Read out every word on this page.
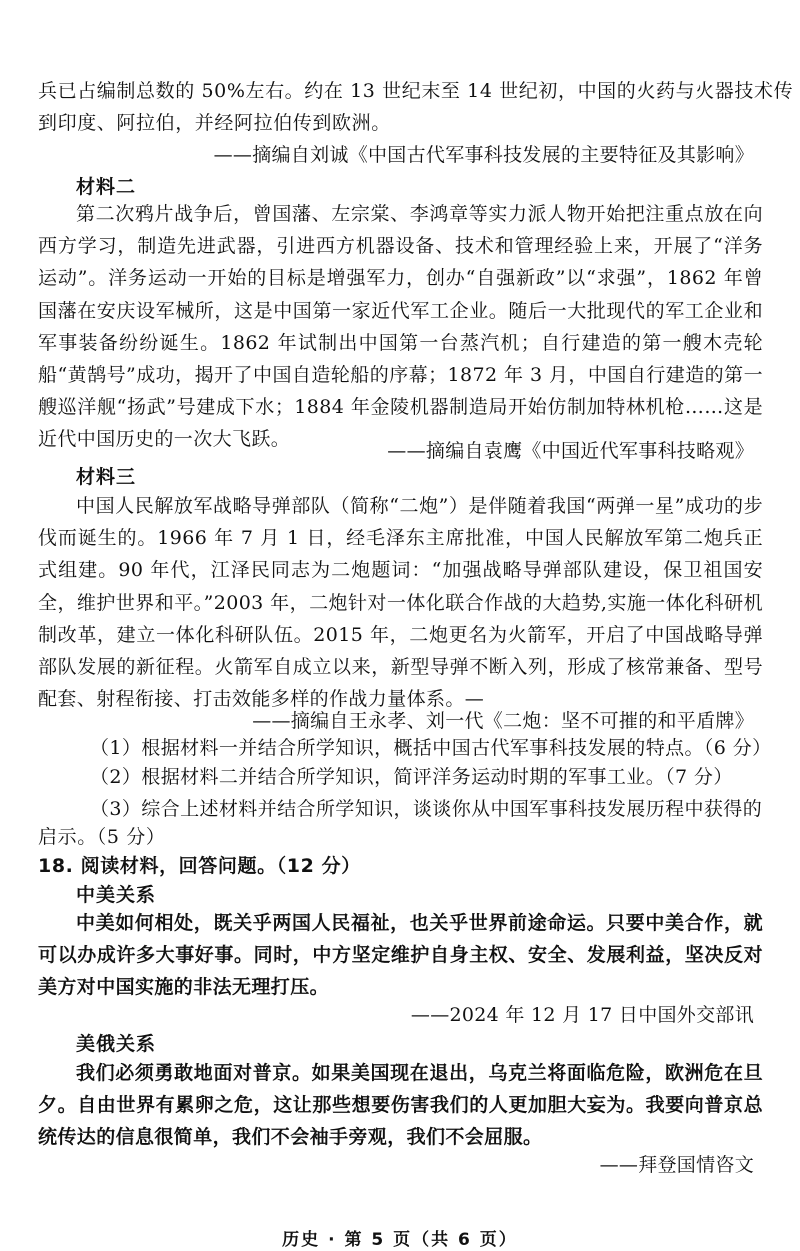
兵已占编制总数的 50%左右。约在 13 世纪末至 14 世纪初，中国的火药与火器技术传
到印度、阿拉伯，并经阿拉伯传到欧洲。
——摘编自刘诚《中国古代军事科技发展的主要特征及其影响》
材料二
第二次鸦片战争后，曾国藩、左宗棠、李鸿章等实力派人物开始把注重点放在向西方学习，制造先进武器，引进西方机器设备、技术和管理经验上来，开展了“洋务运动”。洋务运动一开始的目标是增强军力，创办“自强新政”以“求强”，1862 年曾国藩在安庆设军械所，这是中国第一家近代军工企业。随后一大批现代的军工企业和军事装备纷纷诞生。1862 年试制出中国第一台蒸汽机；自行建造的第一艘木壳轮船“黄鹄号”成功，揭开了中国自造轮船的序幕；1872 年 3 月，中国自行建造的第一艘巡洋舰“扬武”号建成下水；1884 年金陵机器制造局开始仿制加特林机枪……这是近代中国历史的一次大飞跃。
——摘编自袁鹰《中国近代军事科技略观》
材料三
中国人民解放军战略导弹部队（简称“二炮”）是伴随着我国“两弹一星”成功的步伐而诞生的。1966 年 7 月 1 日，经毛泽东主席批准，中国人民解放军第二炮兵正式组建。90 年代，江泽民同志为二炮题词：“加强战略导弹部队建设，保卫祖国安全，维护世界和平。”2003 年，二炮针对一体化联合作战的大趋势,实施一体化科研机制改革，建立一体化科研队伍。2015 年，二炮更名为火箭军，开启了中国战略导弹部队发展的新征程。火箭军自成立以来，新型导弹不断入列，形成了核常兼备、型号配套、射程衔接、打击效能多样的作战力量体系。—
——摘编自王永孝、刘一代《二炮：坚不可摧的和平盾牌》
（1）根据材料一并结合所学知识，概括中国古代军事科技发展的特点。（6 分）
（2）根据材料二并结合所学知识，简评洋务运动时期的军事工业。（7 分）
（3）综合上述材料并结合所学知识，谈谈你从中国军事科技发展历程中获得的
启示。（5 分）
18. 阅读材料，回答问题。（12 分）
中美关系
中美如何相处，既关乎两国人民福祉，也关乎世界前途命运。只要中美合作，就可以办成许多大事好事。同时，中方坚定维护自身主权、安全、发展利益，坚决反对美方对中国实施的非法无理打压。
——2024 年 12 月 17 日中国外交部讯
美俄关系
我们必须勇敢地面对普京。如果美国现在退出，乌克兰将面临危险，欧洲危在旦夕。自由世界有累卵之危，这让那些想要伤害我们的人更加胆大妄为。我要向普京总统传达的信息很简单，我们不会袖手旁观，我们不会屈服。
——拜登国情咨文
历史 · 第 5 页（共 6 页）
